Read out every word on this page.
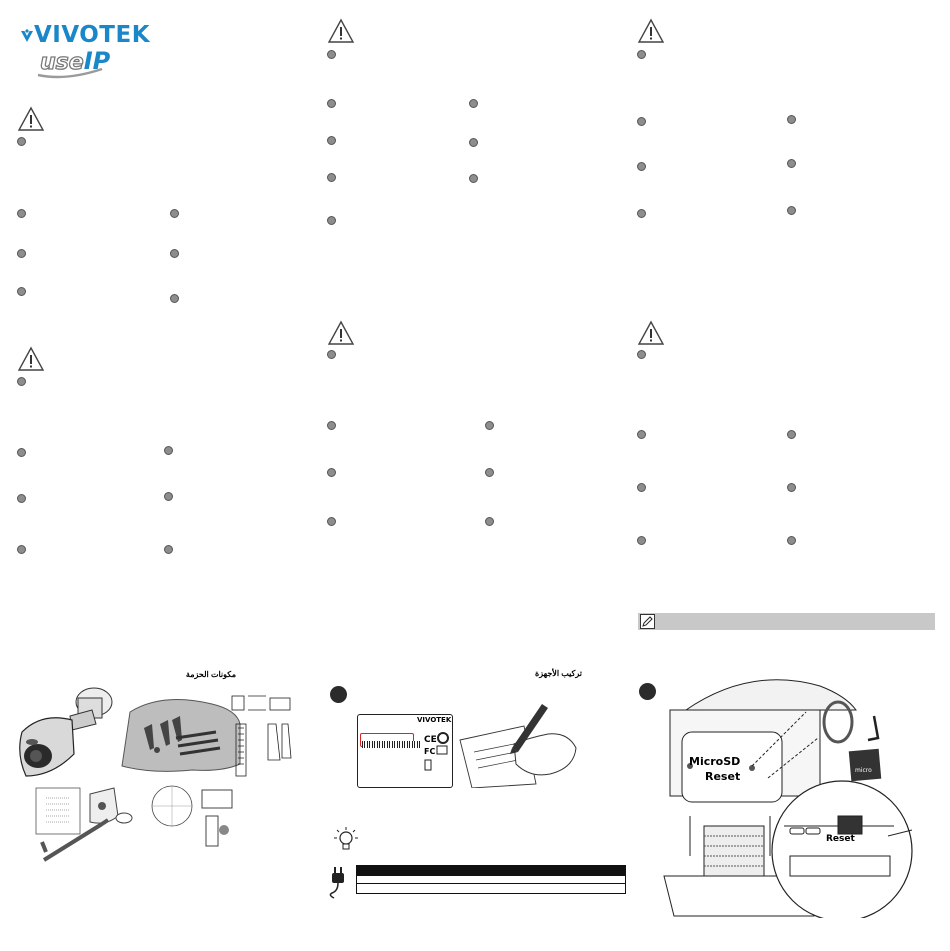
VIVOTEK
useIP
مكونات الحزمة	تركيب الأجهزة
VIVOTEK
CE
FC
micro
MicroSD
Reset
Reset
